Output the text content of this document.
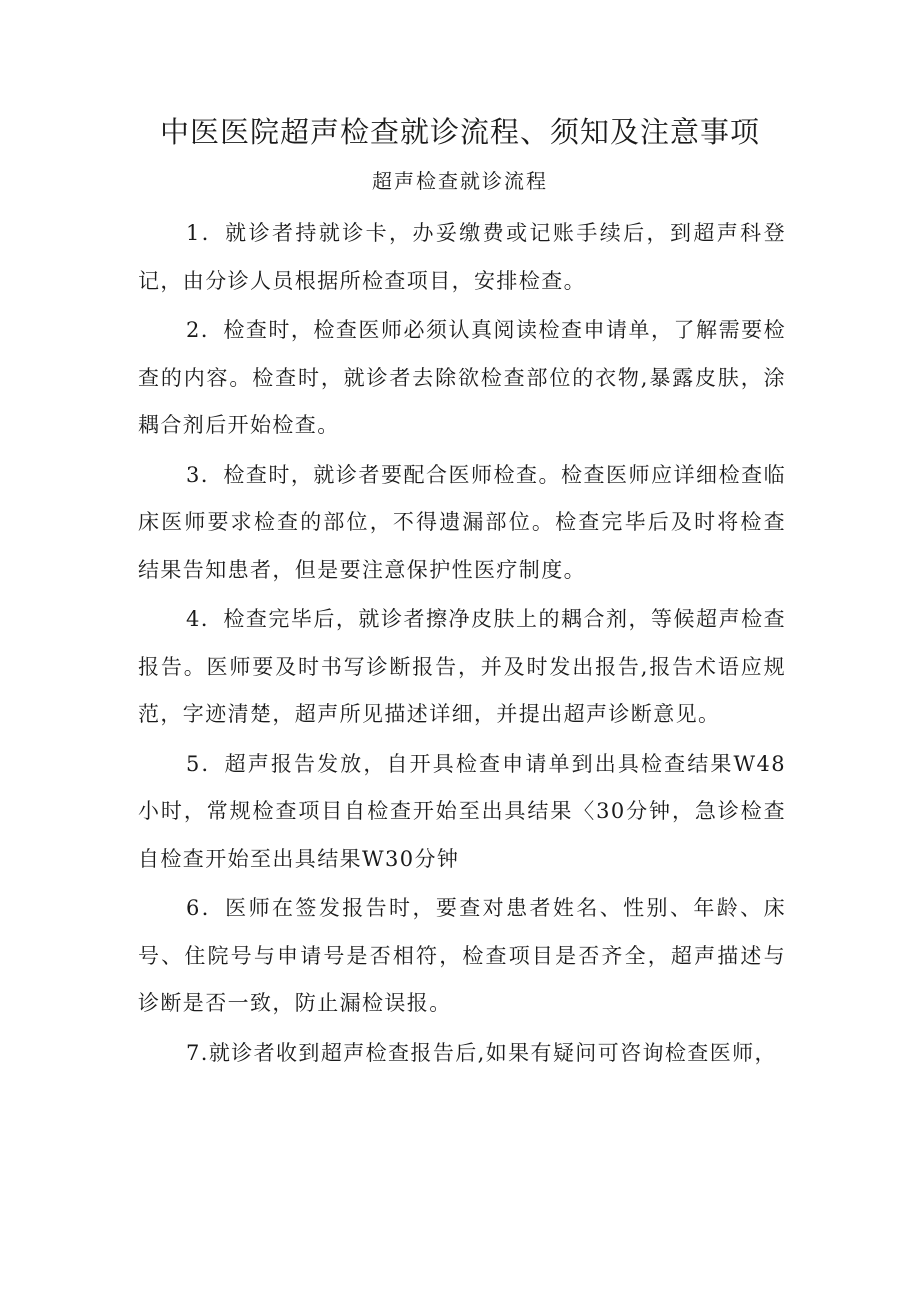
中医医院超声检查就诊流程、须知及注意事项
超声检查就诊流程

1．就诊者持就诊卡，办妥缴费或记账手续后，到超声科登记，由分诊人员根据所检查项目，安排检查。

2．检查时，检查医师必须认真阅读检查申请单，了解需要检查的内容。检查时，就诊者去除欲检查部位的衣物,暴露皮肤，涂耦合剂后开始检查。

3．检查时，就诊者要配合医师检查。检查医师应详细检查临床医师要求检查的部位，不得遗漏部位。检查完毕后及时将检查结果告知患者，但是要注意保护性医疗制度。

4．检查完毕后，就诊者擦净皮肤上的耦合剂，等候超声检查报告。医师要及时书写诊断报告，并及时发出报告,报告术语应规范，字迹清楚，超声所见描述详细，并提出超声诊断意见。

5．超声报告发放，自开具检查申请单到出具检查结果W48小时，常规检查项目自检查开始至出具结果〈30分钟，急诊检查自检查开始至出具结果W30分钟

6．医师在签发报告时，要查对患者姓名、性别、年龄、床号、住院号与申请号是否相符，检查项目是否齐全，超声描述与诊断是否一致，防止漏检误报。

7.就诊者收到超声检查报告后,如果有疑问可咨询检查医师，
